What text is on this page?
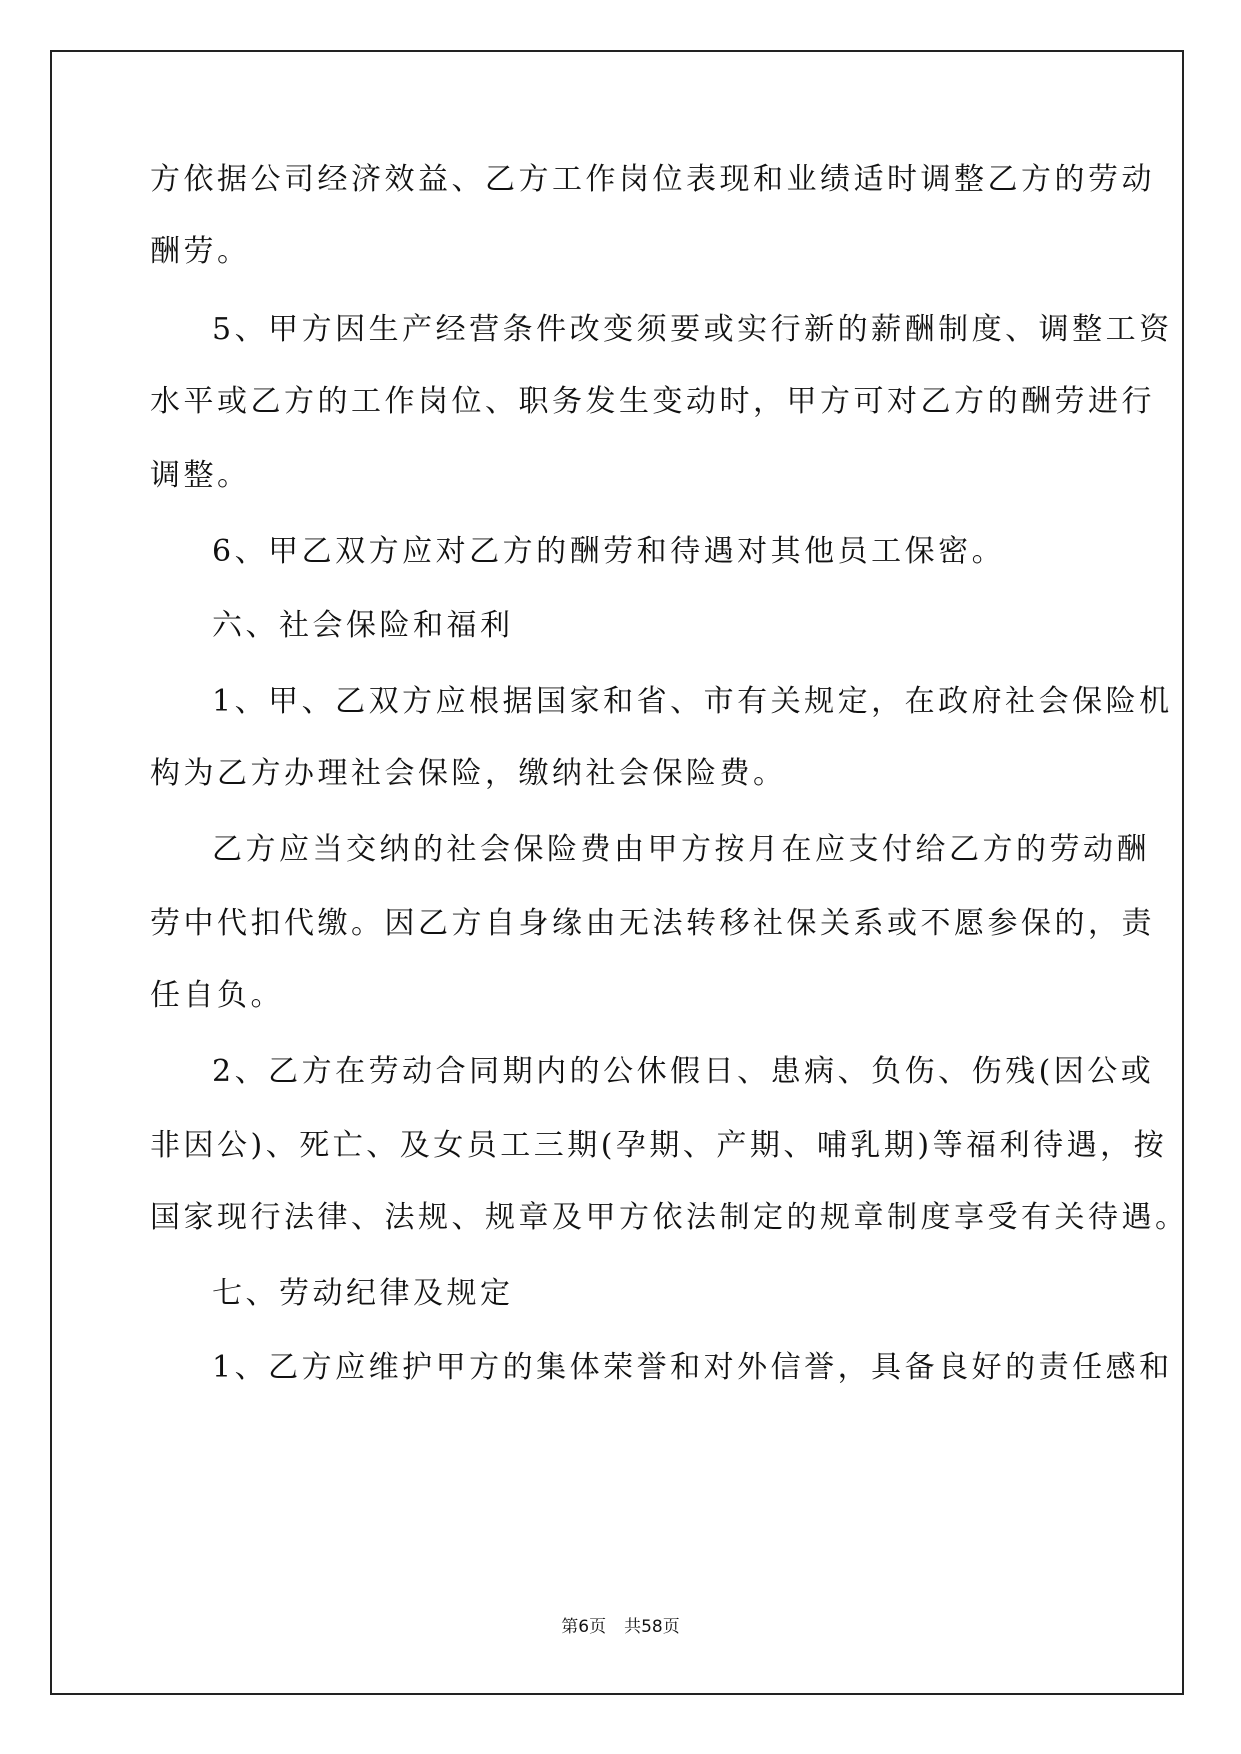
方依据公司经济效益、乙方工作岗位表现和业绩适时调整乙方的劳动
酬劳。
5、甲方因生产经营条件改变须要或实行新的薪酬制度、调整工资
水平或乙方的工作岗位、职务发生变动时，甲方可对乙方的酬劳进行
调整。
6、甲乙双方应对乙方的酬劳和待遇对其他员工保密。
六、社会保险和福利
1、甲、乙双方应根据国家和省、市有关规定，在政府社会保险机
构为乙方办理社会保险，缴纳社会保险费。
乙方应当交纳的社会保险费由甲方按月在应支付给乙方的劳动酬
劳中代扣代缴。因乙方自身缘由无法转移社保关系或不愿参保的，责
任自负。
2、乙方在劳动合同期内的公休假日、患病、负伤、伤残(因公或
非因公)、死亡、及女员工三期(孕期、产期、哺乳期)等福利待遇，按
国家现行法律、法规、规章及甲方依法制定的规章制度享受有关待遇。
七、劳动纪律及规定
1、乙方应维护甲方的集体荣誉和对外信誉，具备良好的责任感和
第6页 共58页
